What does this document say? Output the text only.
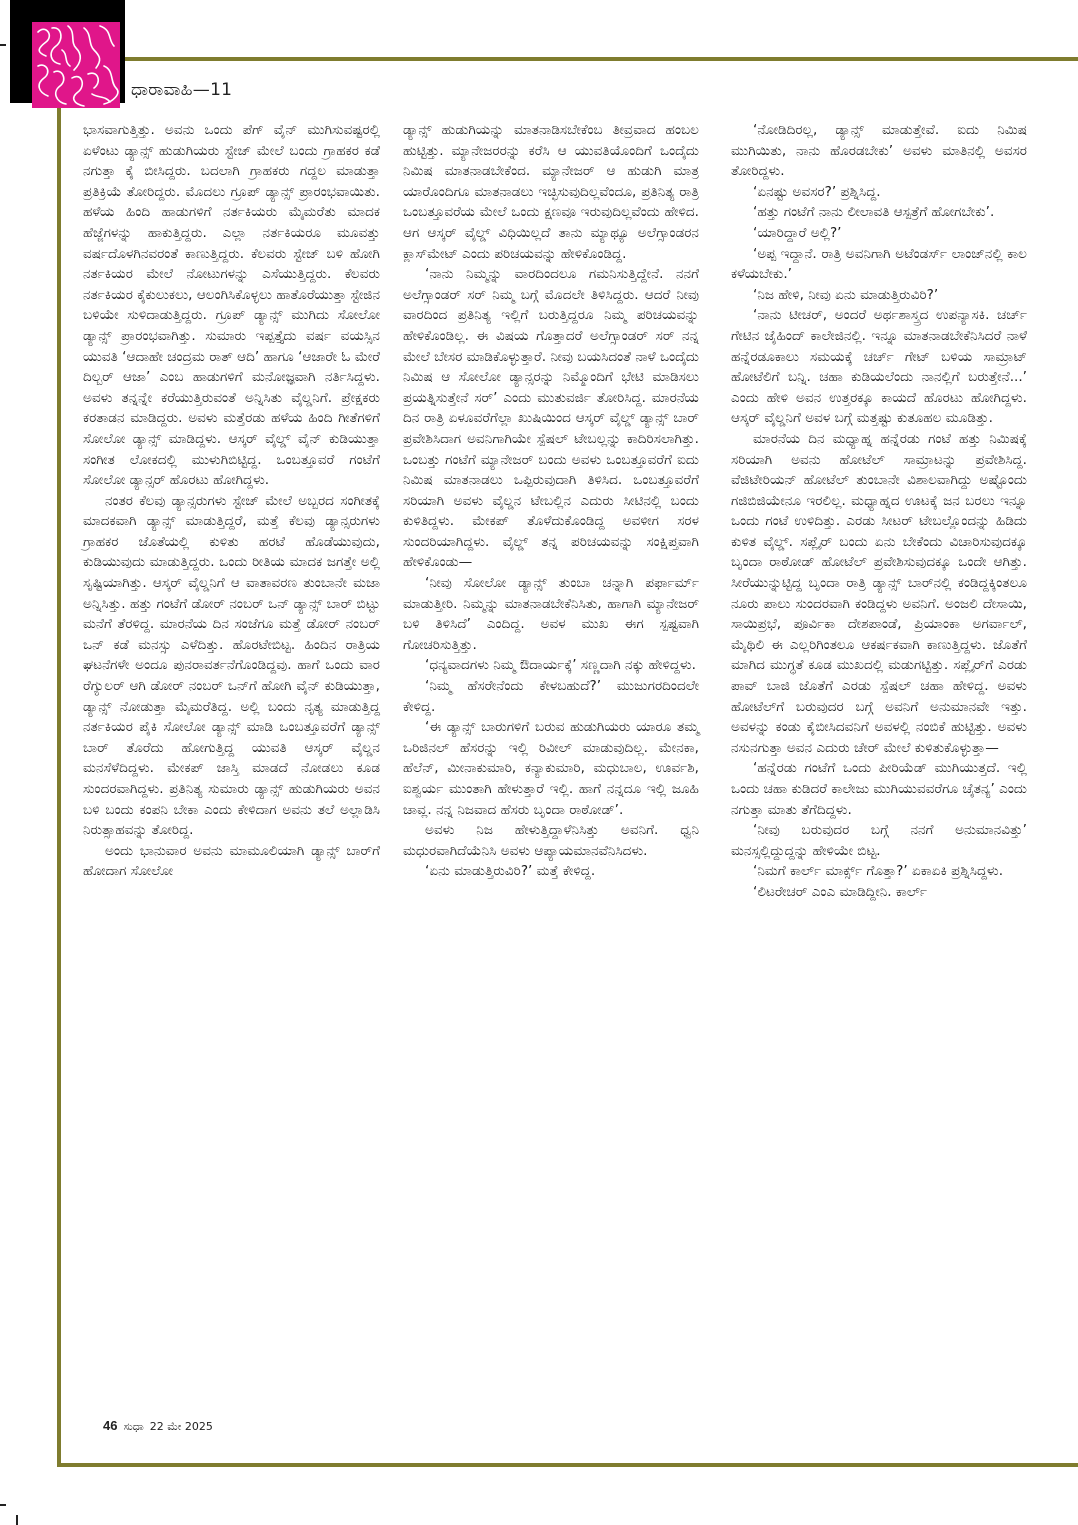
ಧಾರಾವಾಹಿ—11

ಭಾಸವಾಗುತ್ತಿತ್ತು. ಅವನು ಒಂದು ಪೆಗ್ ವೈನ್ ಮುಗಿಸುವಷ್ಟರಲ್ಲಿ ಏಳೆಂಟು ಡ್ಯಾನ್ಸ್ ಹುಡುಗಿಯರು ಸ್ಟೇಜ್ ಮೇಲೆ ಬಂದು ಗ್ರಾಹಕರ ಕಡೆ ನಗುತ್ತಾ ಕೈ ಬೀಸಿದ್ದರು. ಬದಲಾಗಿ ಗ್ರಾಹಕರು ಗದ್ದಲ ಮಾಡುತ್ತಾ ಪ್ರತಿಕ್ರಿಯೆ ತೋರಿದ್ದರು. ಮೊದಲು ಗ್ರೂಪ್ ಡ್ಯಾನ್ಸ್ ಪ್ರಾರಂಭವಾಯಿತು. ಹಳೆಯ ಹಿಂದಿ ಹಾಡುಗಳಿಗೆ ನರ್ತಕಿಯರು ಮೈಮರೆತು ಮಾದಕ ಹೆಜ್ಜೆಗಳನ್ನು ಹಾಕುತ್ತಿದ್ದರು. ಎಲ್ಲಾ ನರ್ತಕಿಯರೂ ಮೂವತ್ತು ವರ್ಷದೊಳಗಿನವರಂತೆ ಕಾಣುತ್ತಿದ್ದರು. ಕೆಲವರು ಸ್ಟೇಜ್ ಬಳಿ ಹೋಗಿ ನರ್ತಕಿಯರ ಮೇಲೆ ನೋಟುಗಳನ್ನು ಎಸೆಯುತ್ತಿದ್ದರು. ಕೆಲವರು ನರ್ತಕಿಯರ ಕೈಕುಲುಕಲು, ಆಲಂಗಿಸಿಕೊಳ್ಳಲು ಹಾತೊರೆಯುತ್ತಾ ಸ್ಟೇಜಿನ ಬಳಿಯೇ ಸುಳಿದಾಡುತ್ತಿದ್ದರು. ಗ್ರೂಪ್ ಡ್ಯಾನ್ಸ್ ಮುಗಿದು ಸೋಲೋ ಡ್ಯಾನ್ಸ್ ಪ್ರಾರಂಭವಾಗಿತ್ತು. ಸುಮಾರು ಇಪ್ಪತ್ತೈದು ವರ್ಷ ವಯಸ್ಸಿನ ಯುವತಿ ‘ಆದಾಹೇ ಚಂದ್ರಮ ರಾತ್ ಆದಿ’ ಹಾಗೂ ‘ಆಜಾರೇ ಓ ಮೇರೆ ದಿಲ್ಬರ್ ಆಜಾ’ ಎಂಬ ಹಾಡುಗಳಿಗೆ ಮನೋಜ್ಞವಾಗಿ ನರ್ತಿಸಿದ್ದಳು. ಅವಳು ತನ್ನನ್ನೇ ಕರೆಯುತ್ತಿರುವಂತೆ ಅನ್ನಿಸಿತು ವೈಲ್ಡನಿಗೆ. ಪ್ರೇಕ್ಷಕರು ಕರತಾಡನ ಮಾಡಿದ್ದರು. ಅವಳು ಮತ್ತೆರಡು ಹಳೆಯ ಹಿಂದಿ ಗೀತೆಗಳಿಗೆ ಸೋಲೋ ಡ್ಯಾನ್ಸ್ ಮಾಡಿದ್ದಳು. ಆಸ್ಕರ್ ವೈಲ್ಡ್ ವೈನ್ ಕುಡಿಯುತ್ತಾ ಸಂಗೀತ ಲೋಕದಲ್ಲಿ ಮುಳುಗಿಬಿಟ್ಟಿದ್ದ. ಒಂಬತ್ತೂವರೆ ಗಂಟೆಗೆ ಸೋಲೋ ಡ್ಯಾನ್ಸರ್ ಹೊರಟು ಹೋಗಿದ್ದಳು.

ನಂತರ ಕೆಲವು ಡ್ಯಾನ್ಸರುಗಳು ಸ್ಟೇಜ್ ಮೇಲೆ ಅಬ್ಬರದ ಸಂಗೀತಕ್ಕೆ ಮಾದಕವಾಗಿ ಡ್ಯಾನ್ಸ್ ಮಾಡುತ್ತಿದ್ದರೆ, ಮತ್ತೆ ಕೆಲವು ಡ್ಯಾನ್ಸರುಗಳು ಗ್ರಾಹಕರ ಜೊತೆಯಲ್ಲಿ ಕುಳಿತು ಹರಟೆ ಹೊಡೆಯುವುದು, ಕುಡಿಯುವುದು ಮಾಡುತ್ತಿದ್ದರು. ಒಂದು ರೀತಿಯ ಮಾದಕ ಜಗತ್ತೇ ಅಲ್ಲಿ ಸೃಷ್ಟಿಯಾಗಿತ್ತು. ಆಸ್ಕರ್ ವೈಲ್ಡನಿಗೆ ಆ ವಾತಾವರಣ ತುಂಬಾನೇ ಮಜಾ ಅನ್ನಿಸಿತ್ತು. ಹತ್ತು ಗಂಟೆಗೆ ಡೋರ್ ನಂಬರ್ ಒನ್ ಡ್ಯಾನ್ಸ್ ಬಾರ್ ಬಿಟ್ಟು ಮನೆಗೆ ತೆರಳಿದ್ದ. ಮಾರನೆಯ ದಿನ ಸಂಜೆಗೂ ಮತ್ತೆ ಡೋರ್ ನಂಬರ್ ಒನ್ ಕಡೆ ಮನಸ್ಸು ಎಳೆದಿತ್ತು. ಹೊರಟೇಬಿಟ್ಟ. ಹಿಂದಿನ ರಾತ್ರಿಯ ಘಟನೆಗಳೇ ಅಂದೂ ಪುನರಾವರ್ತನೆಗೊಂಡಿದ್ದವು. ಹಾಗೆ ಒಂದು ವಾರ ರೆಗ್ಯುಲರ್ ಆಗಿ ಡೋರ್ ನಂಬರ್ ಒನ್‌ಗೆ ಹೋಗಿ ವೈನ್ ಕುಡಿಯುತ್ತಾ, ಡ್ಯಾನ್ಸ್ ನೋಡುತ್ತಾ ಮೈಮರೆತಿದ್ದ. ಅಲ್ಲಿ ಬಂದು ನೃತ್ಯ ಮಾಡುತ್ತಿದ್ದ ನರ್ತಕಿಯರ ಪೈಕಿ ಸೋಲೋ ಡ್ಯಾನ್ಸ್ ಮಾಡಿ ಒಂಬತ್ತೂವರೆಗೆ ಡ್ಯಾನ್ಸ್ ಬಾರ್ ತೊರೆದು ಹೋಗುತ್ತಿದ್ದ ಯುವತಿ ಆಸ್ಕರ್ ವೈಲ್ಡನ ಮನಸೆಳೆದಿದ್ದಳು. ಮೇಕಪ್ ಜಾಸ್ತಿ ಮಾಡದೆ ನೋಡಲು ಕೂಡ ಸುಂದರವಾಗಿದ್ದಳು. ಪ್ರತಿನಿತ್ಯ ಸುಮಾರು ಡ್ಯಾನ್ಸ್ ಹುಡುಗಿಯರು ಅವನ ಬಳಿ ಬಂದು ಕಂಪನಿ ಬೇಕಾ ಎಂದು ಕೇಳಿದಾಗ ಅವನು ತಲೆ ಅಲ್ಲಾಡಿಸಿ ನಿರುತ್ಸಾಹವನ್ನು ತೋರಿದ್ದ.

ಅಂದು ಭಾನುವಾರ ಅವನು ಮಾಮೂಲಿಯಾಗಿ ಡ್ಯಾನ್ಸ್ ಬಾರ್‌ಗೆ ಹೋದಾಗ ಸೋಲೋ

ಡ್ಯಾನ್ಸ್ ಹುಡುಗಿಯನ್ನು ಮಾತನಾಡಿಸಬೇಕೆಂಬ ತೀವ್ರವಾದ ಹಂಬಲ ಹುಟ್ಟಿತ್ತು. ಮ್ಯಾನೇಜರರನ್ನು ಕರೆಸಿ ಆ ಯುವತಿಯೊಂದಿಗೆ ಒಂದೈದು ನಿಮಿಷ ಮಾತನಾಡಬೇಕೆಂದ. ಮ್ಯಾನೇಜರ್ ಆ ಹುಡುಗಿ ಮಾತ್ರ ಯಾರೊಂದಿಗೂ ಮಾತನಾಡಲು ಇಚ್ಛಿಸುವುದಿಲ್ಲವೆಂದೂ, ಪ್ರತಿನಿತ್ಯ ರಾತ್ರಿ ಒಂಬತ್ತೂವರೆಯ ಮೇಲೆ ಒಂದು ಕ್ಷಣವೂ ಇರುವುದಿಲ್ಲವೆಂದು ಹೇಳಿದ. ಆಗ ಆಸ್ಕರ್ ವೈಲ್ಡ್ ವಿಧಿಯಿಲ್ಲದೆ ತಾನು ಮ್ಯಾಥ್ಯೂ ಅಲೆಗ್ಸಾಂಡರನ ಕ್ಲಾಸ್‌ಮೇಟ್ ಎಂದು ಪರಿಚಯವನ್ನು ಹೇಳಿಕೊಂಡಿದ್ದ.

‘ನಾನು ನಿಮ್ಮನ್ನು ವಾರದಿಂದಲೂ ಗಮನಿಸುತ್ತಿದ್ದೇನೆ. ನನಗೆ ಅಲೆಗ್ಸಾಂಡರ್ ಸರ್ ನಿಮ್ಮ ಬಗ್ಗೆ ಮೊದಲೇ ತಿಳಿಸಿದ್ದರು. ಆದರೆ ನೀವು ವಾರದಿಂದ ಪ್ರತಿನಿತ್ಯ ಇಲ್ಲಿಗೆ ಬರುತ್ತಿದ್ದರೂ ನಿಮ್ಮ ಪರಿಚಯವನ್ನು ಹೇಳಿಕೊಂಡಿಲ್ಲ. ಈ ವಿಷಯ ಗೊತ್ತಾದರೆ ಅಲೆಗ್ಸಾಂಡರ್ ಸರ್ ನನ್ನ ಮೇಲೆ ಬೇಸರ ಮಾಡಿಕೊಳ್ಳುತ್ತಾರೆ. ನೀವು ಬಯಸಿದಂತೆ ನಾಳೆ ಒಂದೈದು ನಿಮಿಷ ಆ ಸೋಲೋ ಡ್ಯಾನ್ಸರನ್ನು ನಿಮ್ಮೊಂದಿಗೆ ಭೇಟಿ ಮಾಡಿಸಲು ಪ್ರಯತ್ನಿಸುತ್ತೇನೆ ಸರ್’ ಎಂದು ಮುತುವರ್ಜಿ ತೋರಿಸಿದ್ದ. ಮಾರನೆಯ ದಿನ ರಾತ್ರಿ ಏಳೂವರೆಗೆಲ್ಲಾ ಖುಷಿಯಿಂದ ಆಸ್ಕರ್ ವೈಲ್ಡ್ ಡ್ಯಾನ್ಸ್ ಬಾರ್ ಪ್ರವೇಶಿಸಿದಾಗ ಅವನಿಗಾಗಿಯೇ ಸ್ಪೆಷಲ್ ಟೇಬಲ್ಲನ್ನು ಕಾದಿರಿಸಲಾಗಿತ್ತು. ಒಂಬತ್ತು ಗಂಟೆಗೆ ಮ್ಯಾನೇಜರ್ ಬಂದು ಅವಳು ಒಂಬತ್ತೂವರೆಗೆ ಐದು ನಿಮಿಷ ಮಾತನಾಡಲು ಒಪ್ಪಿರುವುದಾಗಿ ತಿಳಿಸಿದ. ಒಂಬತ್ತೂವರೆಗೆ ಸರಿಯಾಗಿ ಅವಳು ವೈಲ್ಡನ ಟೇಬಲ್ಲಿನ ಎದುರು ಸೀಟಿನಲ್ಲಿ ಬಂದು ಕುಳಿತಿದ್ದಳು. ಮೇಕಪ್ ತೊಳೆದುಕೊಂಡಿದ್ದ ಅವಳೀಗ ಸರಳ ಸುಂದರಿಯಾಗಿದ್ದಳು. ವೈಲ್ಡ್ ತನ್ನ ಪರಿಚಯವನ್ನು ಸಂಕ್ಷಿಪ್ತವಾಗಿ ಹೇಳಿಕೊಂಡು—

‘ನೀವು ಸೋಲೋ ಡ್ಯಾನ್ಸ್ ತುಂಬಾ ಚನ್ನಾಗಿ ಪರ್ಫಾರ್ಮ್ ಮಾಡುತ್ತೀರಿ. ನಿಮ್ಮನ್ನು ಮಾತನಾಡಬೇಕೆನಿಸಿತು, ಹಾಗಾಗಿ ಮ್ಯಾನೇಜರ್ ಬಳಿ ತಿಳಿಸಿದೆ’ ಎಂದಿದ್ದ. ಅವಳ ಮುಖ ಈಗ ಸ್ಪಷ್ಟವಾಗಿ ಗೋಚರಿಸುತ್ತಿತ್ತು.

‘ಧನ್ಯವಾದಗಳು ನಿಮ್ಮ ಔದಾರ್ಯಕ್ಕೆ’ ಸಣ್ಣದಾಗಿ ನಕ್ಕು ಹೇಳಿದ್ದಳು.

‘ನಿಮ್ಮ ಹೆಸರೇನೆಂದು ಕೇಳಬಹುದೆ?’ ಮುಜುಗರದಿಂದಲೇ ಕೇಳಿದ್ದ.

‘ಈ ಡ್ಯಾನ್ಸ್ ಬಾರುಗಳಿಗೆ ಬರುವ ಹುಡುಗಿಯರು ಯಾರೂ ತಮ್ಮ ಒರಿಜಿನಲ್ ಹೆಸರನ್ನು ಇಲ್ಲಿ ರಿವೀಲ್ ಮಾಡುವುದಿಲ್ಲ. ಮೇನಕಾ, ಹೆಲೆನ್, ಮೀನಾಕುಮಾರಿ, ಕನ್ಯಾಕುಮಾರಿ, ಮಧುಬಾಲ, ಊರ್ವಶಿ, ಐಶ್ವರ್ಯ ಮುಂತಾಗಿ ಹೇಳುತ್ತಾರೆ ಇಲ್ಲಿ. ಹಾಗೆ ನನ್ನದೂ ಇಲ್ಲಿ ಜೂಹಿ ಚಾವ್ಲ. ನನ್ನ ನಿಜವಾದ ಹೆಸರು ಬೃಂದಾ ರಾಠೋಡ್’.

ಅವಳು ನಿಜ ಹೇಳುತ್ತಿದ್ದಾಳೆನಿಸಿತ್ತು ಅವನಿಗೆ. ಧ್ವನಿ ಮಧುರವಾಗಿದೆಯೆನಿಸಿ ಅವಳು ಆಪ್ಯಾಯಮಾನವೆನಿಸಿದಳು.

‘ಏನು ಮಾಡುತ್ತಿರುವಿರಿ?’ ಮತ್ತೆ ಕೇಳಿದ್ದ.

‘ನೋಡಿದಿರಲ್ಲ, ಡ್ಯಾನ್ಸ್ ಮಾಡುತ್ತೇವೆ. ಐದು ನಿಮಿಷ ಮುಗಿಯಿತು, ನಾನು ಹೊರಡಬೇಕು’ ಅವಳು ಮಾತಿನಲ್ಲಿ ಅವಸರ ತೋರಿದ್ದಳು.

‘ಏನಷ್ಟು ಅವಸರ?’ ಪ್ರಶ್ನಿಸಿದ್ದ.

‘ಹತ್ತು ಗಂಟೆಗೆ ನಾನು ಲೀಲಾವತಿ ಆಸ್ಪತ್ರೆಗೆ ಹೋಗಬೇಕು’.

‘ಯಾರಿದ್ದಾರೆ ಅಲ್ಲಿ?’

‘ಅಪ್ಪ ಇದ್ದಾನೆ. ರಾತ್ರಿ ಅವನಿಗಾಗಿ ಅಟೆಂಡರ್ಸ್ ಲಾಂಜ್‌ನಲ್ಲಿ ಕಾಲ ಕಳೆಯಬೇಕು.’

‘ನಿಜ ಹೇಳಿ, ನೀವು ಏನು ಮಾಡುತ್ತಿರುವಿರಿ?’

‘ನಾನು ಟೀಚರ್, ಅಂದರೆ ಅರ್ಥಶಾಸ್ತ್ರದ ಉಪನ್ಯಾಸಕಿ. ಚರ್ಚ್ ಗೇಟಿನ ಜೈಹಿಂದ್ ಕಾಲೇಜಿನಲ್ಲಿ. ಇನ್ನೂ ಮಾತನಾಡಬೇಕೆನಿಸಿದರೆ ನಾಳೆ ಹನ್ನೆರಡೂಕಾಲು ಸಮಯಕ್ಕೆ ಚರ್ಚ್ ಗೇಟ್ ಬಳಿಯ ಸಾಮ್ರಾಟ್ ಹೋಟೆಲಿಗೆ ಬನ್ನಿ. ಚಹಾ ಕುಡಿಯಲೆಂದು ನಾನಲ್ಲಿಗೆ ಬರುತ್ತೇನೆ...’ ಎಂದು ಹೇಳಿ ಅವನ ಉತ್ತರಕ್ಕೂ ಕಾಯದೆ ಹೊರಟು ಹೋಗಿದ್ದಳು. ಆಸ್ಕರ್ ವೈಲ್ಡನಿಗೆ ಅವಳ ಬಗ್ಗೆ ಮತ್ತಷ್ಟು ಕುತೂಹಲ ಮೂಡಿತ್ತು.

ಮಾರನೆಯ ದಿನ ಮಧ್ಯಾಹ್ನ ಹನ್ನೆರಡು ಗಂಟೆ ಹತ್ತು ನಿಮಿಷಕ್ಕೆ ಸರಿಯಾಗಿ ಅವನು ಹೋಟೆಲ್ ಸಾಮ್ರಾಟನ್ನು ಪ್ರವೇಶಿಸಿದ್ದ. ವೆಜಿಟೇರಿಯನ್ ಹೋಟೆಲ್ ತುಂಬಾನೇ ವಿಶಾಲವಾಗಿದ್ದು ಅಷ್ಟೊಂದು ಗಜಿಬಿಜಿಯೇನೂ ಇರಲಿಲ್ಲ. ಮಧ್ಯಾಹ್ನದ ಊಟಕ್ಕೆ ಜನ ಬರಲು ಇನ್ನೂ ಒಂದು ಗಂಟೆ ಉಳಿದಿತ್ತು. ಎರಡು ಸೀಟರ್ ಟೇಬಲ್ಲೊಂದನ್ನು ಹಿಡಿದು ಕುಳಿತ ವೈಲ್ಡ್. ಸಪ್ಲೈರ್ ಬಂದು ಏನು ಬೇಕೆಂದು ವಿಚಾರಿಸುವುದಕ್ಕೂ ಬೃಂದಾ ರಾಠೋಡ್ ಹೋಟೆಲ್ ಪ್ರವೇಶಿಸುವುದಕ್ಕೂ ಒಂದೇ ಆಗಿತ್ತು. ಸೀರೆಯುನ್ನುಟ್ಟಿದ್ದ ಬೃಂದಾ ರಾತ್ರಿ ಡ್ಯಾನ್ಸ್ ಬಾರ್‌ನಲ್ಲಿ ಕಂಡಿದ್ದಕ್ಕಿಂತಲೂ ನೂರು ಪಾಲು ಸುಂದರವಾಗಿ ಕಂಡಿದ್ದಳು ಅವನಿಗೆ. ಅಂಜಲಿ ದೇಸಾಯಿ, ಸಾಯಿಪ್ರಭೆ, ಪೂರ್ವಿಕಾ ದೇಶಪಾಂಡೆ, ಪ್ರಿಯಾಂಕಾ ಅಗರ್ವಾಲ್, ಮೈಥಿಲಿ ಈ ಎಲ್ಲರಿಗಿಂತಲೂ ಆಕರ್ಷಕವಾಗಿ ಕಾಣುತ್ತಿದ್ದಳು. ಜೊತೆಗೆ ಮಾಗಿದ ಮುಗ್ಧತೆ ಕೂಡ ಮುಖದಲ್ಲಿ ಮಡುಗಟ್ಟಿತ್ತು. ಸಪ್ಲೈರ್‌ಗೆ ಎರಡು ಪಾವ್ ಬಾಜಿ ಜೊತೆಗೆ ಎರಡು ಸ್ಪೆಷಲ್ ಚಹಾ ಹೇಳಿದ್ದ. ಅವಳು ಹೋಟೆಲ್‌ಗೆ ಬರುವುದರ ಬಗ್ಗೆ ಅವನಿಗೆ ಅನುಮಾನವೇ ಇತ್ತು. ಅವಳನ್ನು ಕಂಡು ಕೈಬೀಸಿದವನಿಗೆ ಅವಳಲ್ಲಿ ನಂಬಿಕೆ ಹುಟ್ಟಿತ್ತು. ಅವಳು ನಸುನಗುತ್ತಾ ಅವನ ಎದುರು ಚೇರ್ ಮೇಲೆ ಕುಳಿತುಕೊಳ್ಳುತ್ತಾ—

‘ಹನ್ನೆರಡು ಗಂಟೆಗೆ ಒಂದು ಪೀರಿಯೆಡ್ ಮುಗಿಯುತ್ತದೆ. ಇಲ್ಲಿ ಒಂದು ಚಹಾ ಕುಡಿದರೆ ಕಾಲೇಜು ಮುಗಿಯುವವರೆಗೂ ಚೈತನ್ಯ’ ಎಂದು ನಗುತ್ತಾ ಮಾತು ತೆಗೆದಿದ್ದಳು.

‘ನೀವು ಬರುವುದರ ಬಗ್ಗೆ ನನಗೆ ಅನುಮಾನವಿತ್ತು’ ಮನಸ್ಸಲ್ಲಿದ್ದುದ್ದನ್ನು ಹೇಳಿಯೇ ಬಿಟ್ಟ.

‘ನಿಮಗೆ ಕಾರ್ಲ್ ಮಾರ್ಕ್ಸ್ ಗೊತ್ತಾ?’ ಏಕಾಏಕಿ ಪ್ರಶ್ನಿಸಿದ್ದಳು.

‘ಲಿಟರೇಚರ್ ಎಂಎ ಮಾಡಿದ್ದೀನಿ. ಕಾರ್ಲ್

46 ಸುಧಾ 22 ಮೇ 2025
